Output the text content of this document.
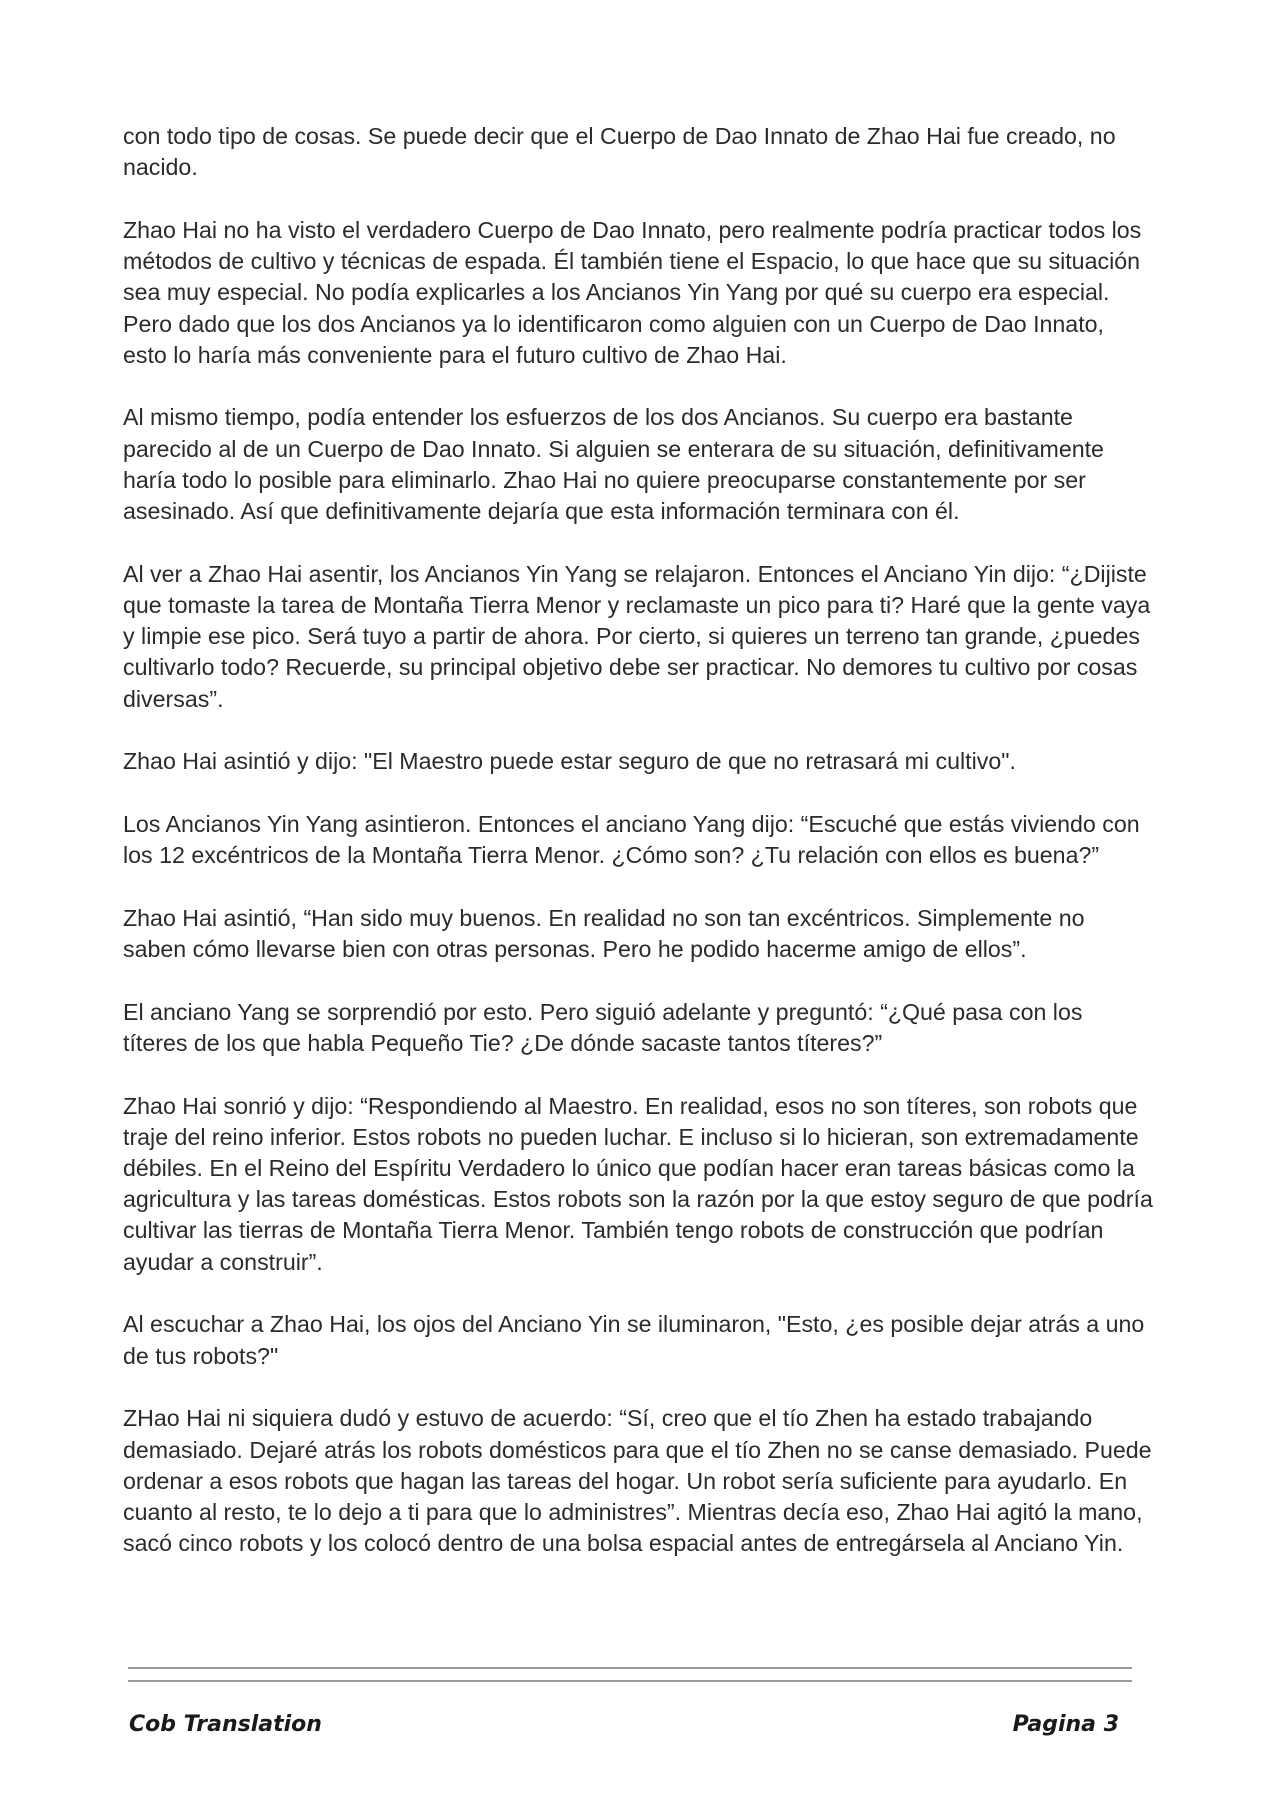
con todo tipo de cosas. Se puede decir que el Cuerpo de Dao Innato de Zhao Hai fue creado, no nacido.

Zhao Hai no ha visto el verdadero Cuerpo de Dao Innato, pero realmente podría practicar todos los métodos de cultivo y técnicas de espada. Él también tiene el Espacio, lo que hace que su situación sea muy especial. No podía explicarles a los Ancianos Yin Yang por qué su cuerpo era especial. Pero dado que los dos Ancianos ya lo identificaron como alguien con un Cuerpo de Dao Innato, esto lo haría más conveniente para el futuro cultivo de Zhao Hai.

Al mismo tiempo, podía entender los esfuerzos de los dos Ancianos. Su cuerpo era bastante parecido al de un Cuerpo de Dao Innato. Si alguien se enterara de su situación, definitivamente haría todo lo posible para eliminarlo. Zhao Hai no quiere preocuparse constantemente por ser asesinado. Así que definitivamente dejaría que esta información terminara con él.

Al ver a Zhao Hai asentir, los Ancianos Yin Yang se relajaron. Entonces el Anciano Yin dijo: “¿Dijiste que tomaste la tarea de Montaña Tierra Menor y reclamaste un pico para ti? Haré que la gente vaya y limpie ese pico. Será tuyo a partir de ahora. Por cierto, si quieres un terreno tan grande, ¿puedes cultivarlo todo? Recuerde, su principal objetivo debe ser practicar. No demores tu cultivo por cosas diversas”.

Zhao Hai asintió y dijo: "El Maestro puede estar seguro de que no retrasará mi cultivo".

Los Ancianos Yin Yang asintieron. Entonces el anciano Yang dijo: “Escuché que estás viviendo con los 12 excéntricos de la Montaña Tierra Menor. ¿Cómo son? ¿Tu relación con ellos es buena?”

Zhao Hai asintió, “Han sido muy buenos. En realidad no son tan excéntricos. Simplemente no saben cómo llevarse bien con otras personas. Pero he podido hacerme amigo de ellos”.

El anciano Yang se sorprendió por esto. Pero siguió adelante y preguntó: “¿Qué pasa con los títeres de los que habla Pequeño Tie? ¿De dónde sacaste tantos títeres?”

Zhao Hai sonrió y dijo: “Respondiendo al Maestro. En realidad, esos no son títeres, son robots que traje del reino inferior. Estos robots no pueden luchar. E incluso si lo hicieran, son extremadamente débiles. En el Reino del Espíritu Verdadero lo único que podían hacer eran tareas básicas como la agricultura y las tareas domésticas. Estos robots son la razón por la que estoy seguro de que podría cultivar las tierras de Montaña Tierra Menor. También tengo robots de construcción que podrían ayudar a construir”.

Al escuchar a Zhao Hai, los ojos del Anciano Yin se iluminaron, "Esto, ¿es posible dejar atrás a uno de tus robots?"

ZHao Hai ni siquiera dudó y estuvo de acuerdo: “Sí, creo que el tío Zhen ha estado trabajando demasiado. Dejaré atrás los robots domésticos para que el tío Zhen no se canse demasiado. Puede ordenar a esos robots que hagan las tareas del hogar. Un robot sería suficiente para ayudarlo. En cuanto al resto, te lo dejo a ti para que lo administres”. Mientras decía eso, Zhao Hai agitó la mano, sacó cinco robots y los colocó dentro de una bolsa espacial antes de entregársela al Anciano Yin.

Cob Translation	Pagina 3
